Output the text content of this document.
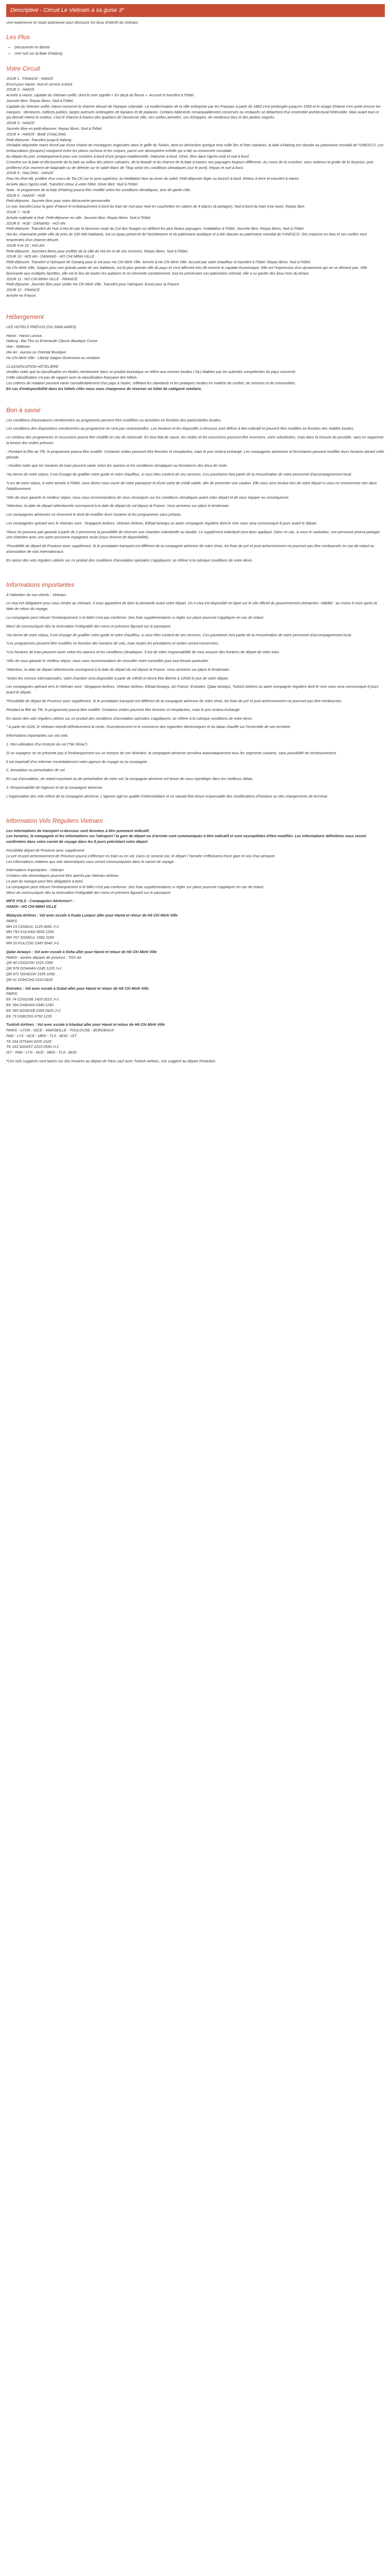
Descriptive - Circuit Le Vietnam à sa guise 3*

Une expérience en toute autonomie pour découvrir les lieux d'intérêt du Vietnam.

Les Plus
• Découverte en liberté
• Une nuit sur la Baie d'Halong
Votre Circuit

JOUR 1 : FRANCE - HANOÏ

Envol pour Hanoï. Nuit et service à bord.

JOUR 2 : HANOÏ

Arrivée à Hanoï, capitale du Vietnam unifié, dont le nom signifie « En deçà du fleuve ». Accueil et transfert à l'hôtel.

Journée libre. Repas libres. Nuit à l'hôtel.

Capitale du Vietnam unifié, Hanoï conserve le charme désuet de l'époque coloniale. La modernisation de la ville entreprise par les Français à partir de 1883 s'est prolongée jusqu'en 1954 et le visage d'Hanoï n'en porte encore les marques : demeures, édifices publics, larges avenues ombragées de banians et de platanes. Certains bâtiments remarquablement conservés ou restaurés se détachent d'un ensemble architectural hétéroclite. Mais avant tout ce qui devrait retenir le visiteur, c'est le charme à travers des quartiers de l'ancienne ville, ses ruelles animées, ses échoppes, de nombreux lacs et des jardins soignés.

JOUR 3 : HANOÏ

Journée libre en petit-déjeuner. Repas libres. Nuit à l'hôtel.

JOUR 4 : HANOÏ - BAIE D'HALONG

Petit-déjeuner. Transfert jusqu'à Halong.

Véritable labyrinthe marin formé par d'une chaîne de montagnes englouties dans le golfe du Tonkin, dont on dénombre quelque trois mille îles et îlots calcaires, la baie d'Halong est classée au patrimoine mondial de l'UNESCO. Les embarcations (jonques) naviguent entre les pitons rocheux et les criques, parmi une atmosphère irréelle qui a fait sa renommée mondiale.

Au départ du port, embarquement pour une croisière à bord d'une jonque traditionnelle. Déjeuner à bord. Dîner, libre dans l'après-midi et nuit à bord.

Croisière sur la baie et découverte de la baie au milieu des pitons calcaires, de la beauté et du charme de la baie à travers ses paysages toujours différents. Au cours de la croisière, vous visiterez la grotte de la Surprise, puis profiterez d'un moment de baignade ou de détente sur le sable blanc de Titop selon les conditions climatiques (sur le pont). Repas et nuit à bord.

JOUR 5 : HALONG - HANOÏ

Pour les lève-tôt, profitez d'un cours de Tai Chi sur le pont supérieur, la méditation face au lever du soleil. Petit-déjeuner léger ou brunch à bord. Retour à terre et transfert à Hanoï.

Arrivée dans l'après-midi. Transfert retour à votre hôtel. Dîner libre. Nuit à l'hôtel.

Nota : le programme de la baie d'Halong pourra être modifié selon les conditions climatiques, avis de garde côte.

JOUR 6 : HANOÏ - HUE

Petit-déjeuner. Journée libre pour votre découverte personnelle.

Le soir, transfert pour la gare d'Hanoï et embarquement à bord du train de nuit pour Hué en couchettes en cabine de 4 places (à partager). Nuit à bord du train (non luxe). Repas libre.

JOUR 7 : HUE

Arrivée matinale à Hué. Petit-déjeuner en ville. Journée libre. Repas libres. Nuit à l'hôtel.

JOUR 8 : HUE - DANANG - HOI AN

Petit-déjeuner. Transfert de Hué à Hoi An par la fameuse route du Col des Nuages où défilent les plus beaux paysages. Installation à l'hôtel. Journée libre. Repas libres. Nuit à l'hôtel.

Hoi An, charmante petite ville de près de 100 000 habitants, est un joyau préservé de l'architecture et du patrimoine asiatique et a été classée au patrimoine mondial de l'UNESCO. Ses maisons en bois et ses ruelles sont empreintes d'un charme désuet.

JOUR 9 et 10 : HOI AN

Petit-déjeuner. Journées libres pour profiter de la ville de Hoi An et de ses environs. Repas libres. Nuit à l'hôtel.

JOUR 10 : HOI AN - DANANG - HO CHI MINH VILLE

Petit-déjeuner. Transfert à l'aéroport de Danang pour le vol pour Ho Chi Minh Ville. Arrivée à Ho Chi Minh Ville. Accueil par votre chauffeur et transfert à l'hôtel. Repas libres. Nuit à l'hôtel.

Ho Chi Minh Ville, Saigon pour une grande partie de ses habitants, est la plus grande ville du pays et s'est affirmée très tôt comme le capitale économique. Elle est l'expression d'un dynamisme qui ne se dément pas. Ville fascinante aux multiples facettes, elle est le lieu de toutes les audaces et se réinvente constamment, tout en préservant son patrimoine colonial, elle a su garder des lieux hors du temps.

JOUR 11 : HO CHI MINH VILLE - FRANCE

Petit-déjeuner. Journée libre pour visiter Ho Chi Minh Ville. Transfert pour l'aéroport. Envol pour la France.

JOUR 12 : FRANCE

Arrivée en France.

Hébergement

LES HOTELS PRÉVUS (OU SIMILAIRES)

Hanoï : Hanoï Larosa

Halong : Bai Tho ou Emeraude Classic Boutique Cruise

Hue : Midtown

Hoi An : Aurora ou Oriental Boutique

Ho Chi Minh Ville : Liberty Saigon Greenview ou similaire

CLASSIFICATION HÔTELIÈRE

Veuillez noter que la classification en étoiles mentionnée dans ce produit touristique se réfère aux normes locales ( NL) établies par les autorités compétentes du pays concerné.

Cette classification n'a pas de rapport avec la classification française des hôtels.

Les critères de notation peuvent varier considérablement d'un pays à l'autre, reflétant les standards et les pratiques locales en matière de confort, de services et de commodités.

En cas d'indisponibilité dans les hôtels cités nous vous chargerons de réserver un hôtel de catégorie similaire.

Bon à savoir

Les conditions d'assurances mentionnées au programme peuvent être modifiées ou annulées en fonction des particularités locales.

Les conditions des dispositions mentionnées au programme ne sont pas contractuelles. Les horaires et les dispositifs ci-dessous sont définis à titre indicatif et peuvent être modifiés en fonction des réalités locales.

Le contenu des programmes et excursions pourra être modifié en cas de nécessité. En tout état de cause, les visites et les excursions pourront être inversées, voire substituées, mais dans la mesure du possible, sans en supprimer la teneur des visites prévues.

- Pendant la fête du Têt, le programme pourra être modifié. Certaines visites pourront être fermées et remplacées, mais le prix restera inchangé. Les compagnies aériennes et ferroviaires peuvent modifier leurs horaires durant cette période.

- Veuillez noter que les horaires de train peuvent varier selon les saisons et les conditions climatiques ou fermetures des lieux de visite.

*Au terme de votre séjour, il est d'usage de gratifier votre guide et votre chauffeur, si vous êtes content de ses services. Ces pourboires font partie de la rémunération de votre personnel d'accompagnement local.

*Lors de votre séjour, à votre arrivée à l'hôtel, vous devez vous munir de votre passeport et d'une carte de crédit valide, afin de présenter une caution. Elle vous sera rendue lors de votre départ si vous ne consommez rien dans l'établissement.

*Afin de vous garantir le meilleur séjour, nous vous recommandons de vous renseigner sur les conditions climatiques avant votre départ et de vous équiper en conséquence.

*Attention, la date de départ sélectionnée correspond à la date de départ du vol depuis la France. Vous arriverez sur place le lendemain.

Les compagnies aériennes se réservent le droit de modifier leurs horaires et les programmes sans préavis.

Les compagnies opérant vers le Vietnam sont : Singapore Airlines, Vietnam Airlines, Etihad Airways ou autre compagnie régulière dont le nom vous sera communiqué 8 jours avant le départ.

*Nous ne pouvons pas garantir à partir de 2 personnes la possibilité de réserver une chambre individuelle ou double. Le supplément individuel sera alors appliqué. Dans ce cas, si vous le souhaitez, une personne pourra partager une chambre avec une autre personne voyageant seule (sous réserve de disponibilité).

*Possibilité de départ de Province avec supplément. Si le prestataire transport est différent de la compagnie aérienne de votre choix, les frais de pré et post acheminement ne pourront pas être remboursés en cas de retard ou d'annulation de vols internationaux.

En raison des vols réguliers utilisés sur ce produit des conditions d'annulation spéciales s'appliquent, se référer à la rubrique conditions de votre devis.

Informations importantes

À l'attention de nos clients - Vietnam

Le visa est obligatoire pour vous rendre au Vietnam. Il vous appartient de faire la demande avant votre départ. Un e-visa est disponible en ligne sur le site officiel du gouvernement vietnamien. Validité : au moins 6 mois après la date de retour du voyage.

La compagnie peut refuser l'embarquement si le billet n'est pas conforme. Des frais supplémentaires si régler sur place pourront s'appliquer en cas de retard.

Merci de communiquer dès la réservation l'intégralité des noms et prénoms figurant sur le passeport.

*Au terme de votre séjour, il est d'usage de gratifier votre guide et votre chauffeur, si vous êtes content de ses services. Ces pourboires font partie de la rémunération de votre personnel d'accompagnement local.

*Les programmes peuvent être modifiés en fonction des horaires de vols, mais toutes les prestations et visites seront conservées.

*Les horaires de train peuvent varier selon les saisons et les conditions climatiques. Il est de votre responsabilité de vous assurer des horaires de départ de votre train.

*Afin de vous garantir le meilleur séjour, nous vous recommandons de consulter notre conseiller pour tout besoin particulier.

*Attention, la date de départ sélectionnée correspond à la date de départ du vol depuis la France. Vous arriverez sur place le lendemain.

*Selon les normes internationales, votre chambre sera disponible à partir de 14h00 et devra être libérée à 12h00 le jour de votre départ.

Les compagnies opérant vers le Vietnam sont : Singapore Airlines, Vietnam Airlines, Etihad Airways, Air France, Emirates, Qatar Airways, Turkish Airlines ou autre compagnie régulière dont le nom vous sera communiqué 8 jours avant le départ.

*Possibilité de départ de Province avec supplément. Si le prestataire transport est différent de la compagnie aérienne de votre choix, les frais de pré et post acheminement ne pourront pas être remboursés.

Pendant la fête du Têt, le programme pourra être modifié. Certaines visites pourront être fermées et remplacées, mais le prix restera inchangé.

En raison des vols réguliers utilisés sur ce produit des conditions d'annulation spéciales s'appliquent, se référer à la rubrique conditions de votre devis.

* A partir de 2026, le Vietnam interdit définitivement la vente, l'investissement et le commerce des cigarettes électroniques et du tabac chauffé sur l'ensemble de son territoire.

Informations importantes sur vos vols

1. Non-utilisation d'un tronçon du vol ("No Show")

Si un voyageur ne se présente pas à l'embarquement sur un tronçon de son itinéraire, la compagnie aérienne annulera automatiquement tous les segments suivants, sans possibilité de remboursement.

Il est impératif d'en informer immédiatement votre agence de voyage ou la compagnie.

2. Annulation ou perturbation de vol

En cas d'annulation, de retard important ou de perturbation de votre vol, la compagnie aérienne est tenue de vous reprotéger dans les meilleurs délais.

3. Responsabilité de l'agence et de la compagnie aérienne

L'organisation des vols relève de la compagnie aérienne. L'agence agit en qualité d'intermédiaire et ne saurait être tenue responsable des modifications d'horaires ou des changements de terminal.

Information Vols Réguliers Vietnam

Les informations de transport ci-dessous sont données à titre purement indicatif.

Les horaires, la compagnie et les informations sur l'aéroport / la gare de départ ou d'arrivée sont communiqués à titre indicatif et sont susceptibles d'être modifiés. Les informations définitives vous seront confirmées dans votre carnet de voyage dans les 8 jours précédant votre départ.

Possibilité départ de Province avec supplément.

Le pré et post acheminement de Province pourra s'effectuer en train ou en vol. Dans ce second cas, le départ / l'arrivée s'effectuera d'une gare et non d'un aéroport.

Les informations relatives aux vols domestiques vous seront communiquées dans le carnet de voyage.

Informations importantes - Vietnam

Certains vols domestiques pourront être opérés par Vietnam Airlines.

Le port du masque peut être obligatoire à bord.

La compagnie peut refuser l'embarquement si le billet n'est pas conforme. Des frais supplémentaires si régler sur place pourront s'appliquer en cas de retard.

Merci de communiquer dès la réservation l'intégralité des noms et prénoms figurant sur le passeport.

INFO VOLS - Compagnies Aériennes* :

HANOI - HO CHI MINH VILLE

Malaysia Airlines : Vol avec escale à Kuala Lumpur aller pour Hanoï et retour de Hô Chi Minh Ville

PARIS

MH 23 CDGKUL 1125 0650 J+1

MH 792 KULHAN 0930 1200

MH 767 SGNKUL 1900 2200

MH 20 KULCDG 2345 0640 J+1

Qatar Airways : Vol avec escale à Doha aller pour Hanoï et retour de Hô Chi Minh Ville

PARIS - durées départs de province : TGV Air

QR 40 CDGDOH 1515 2345

QR 978 DOHHAN 0145 1225 J+1

QR 971 SGNDOH 1935 2250

QR 41 DOHCDG 0110 0620

Emirates : Vol avec escale à Dubaï aller pour Hanoï et retour de Hô Chi Minh Ville

PARIS

EK 74 CDGDXB 1425 0015 J+1

EK 394 DXBHAN 0340 1240

EK 393 SGNDXB 2305 0425 J+1

EK 73 DXBCDG 0750 1235

Turkish Airlines : Vol avec escale à Istanbul aller pour Hanoï et retour de Hô Chi Minh Ville

PARIS - LYON - NICE - MARSEILLE - TOULOUSE - BORDEAUX

PAR - LYS - NCE - MRS - TLS - BOD - IST

TK 164 ISTHAN 0225 1525

TK 163 SGNIST 2215 0530 J+1

IST - PAR - LYS - NCE - MRS - TLS - BOD

*Ces vols suggérés sont basés sur des horaires au départ de Paris sauf avec Turkish Airlines, voir suggéré au départ d'Istanbul.
